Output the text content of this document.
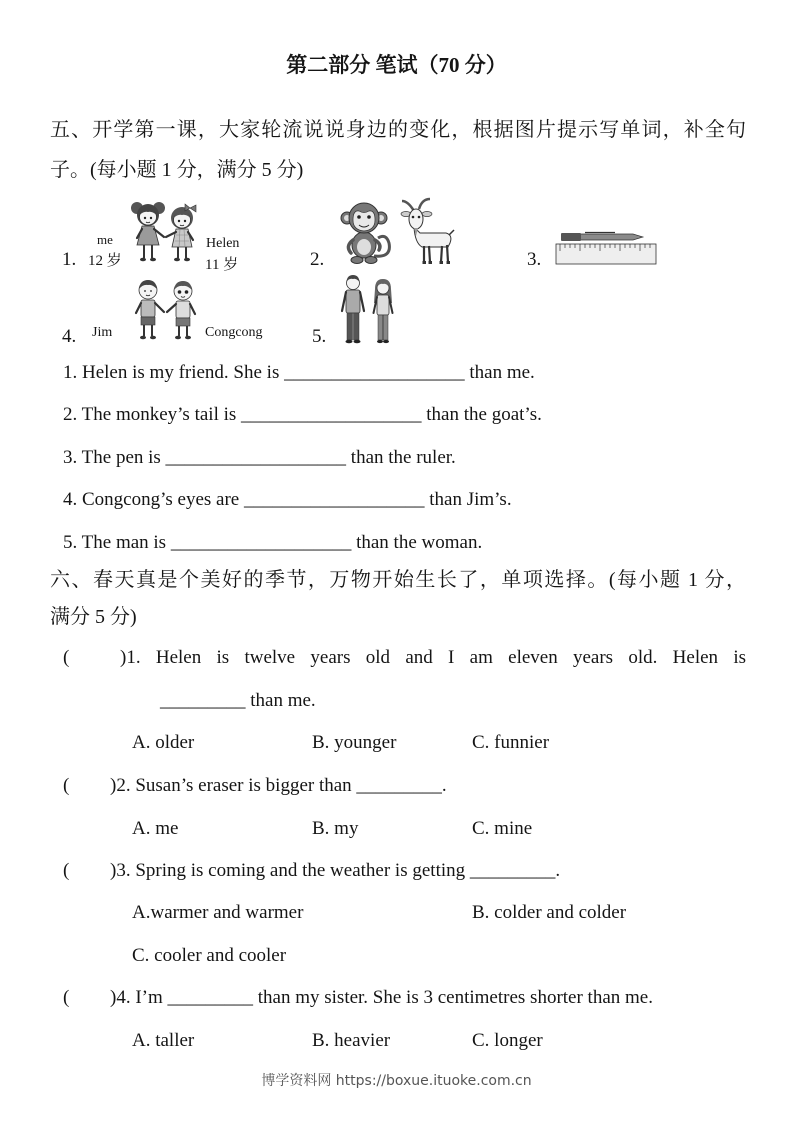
第二部分 笔试（70 分）
五、开学第一课，大家轮流说说身边的变化，根据图片提示写单词，补全句
子。(每小题 1 分，满分 5 分)
1.
me
12 岁
Helen
11 岁	2.	3.
4. Jim	Congcong	5.
1. Helen is my friend. She is ___________________ than me.
2. The monkey’s tail is ___________________ than the goat’s.
3. The pen is ___________________ than the ruler.
4. Congcong’s eyes are ___________________ than Jim’s.
5. The man is ___________________ than the woman.
六、春天真是个美好的季节，万物开始生长了，单项选择。(每小题 1 分，
满分 5 分)
(	)1. Helen is twelve years old and I am eleven years old. Helen is
_________ than me.
A. older	B. younger	C. funnier
( )2. Susan’s eraser is bigger than _________.
A. me	B. my	C. mine
( )3. Spring is coming and the weather is getting _________.
A.warmer and warmer	B. colder and colder
C. cooler and cooler
( )4. I’m _________ than my sister. She is 3 centimetres shorter than me.
A. taller	B. heavier	C. longer
博学资料网 https://boxue.ituoke.com.cn
